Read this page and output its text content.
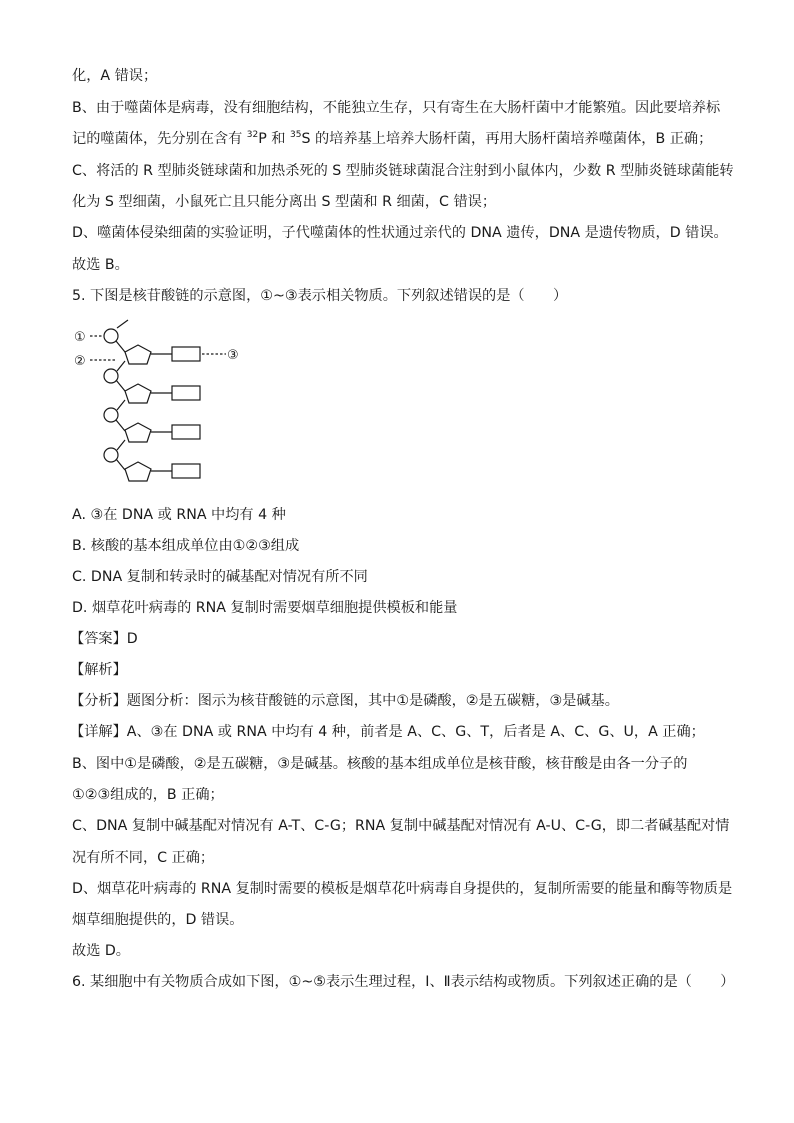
化，A 错误；
B、由于噬菌体是病毒，没有细胞结构，不能独立生存，只有寄生在大肠杆菌中才能繁殖。因此要培养标
记的噬菌体，先分别在含有 $^{32}$P 和 $^{35}$S 的培养基上培养大肠杆菌，再用大肠杆菌培养噬菌体，B 正确；
C、将活的 R 型肺炎链球菌和加热杀死的 S 型肺炎链球菌混合注射到小鼠体内，少数 R 型肺炎链球菌能转
化为 S 型细菌，小鼠死亡且只能分离出 S 型菌和 R 细菌，C 错误；
D、噬菌体侵染细菌的实验证明，子代噬菌体的性状通过亲代的 DNA 遗传，DNA 是遗传物质，D 错误。
故选 B。
5. 下图是核苷酸链的示意图，①~③表示相关物质。下列叙述错误的是（　　）
①
②	③
A. ③在 DNA 或 RNA 中均有 4 种
B. 核酸的基本组成单位由①②③组成
C. DNA 复制和转录时的碱基配对情况有所不同
D. 烟草花叶病毒的 RNA 复制时需要烟草细胞提供模板和能量
【答案】D
【解析】
【分析】题图分析：图示为核苷酸链的示意图，其中①是磷酸，②是五碳糖，③是碱基。
【详解】A、③在 DNA 或 RNA 中均有 4 种，前者是 A、C、G、T，后者是 A、C、G、U，A 正确；
B、图中①是磷酸，②是五碳糖，③是碱基。核酸的基本组成单位是核苷酸，核苷酸是由各一分子的
①②③组成的，B 正确；
C、DNA 复制中碱基配对情况有 A-T、C-G；RNA 复制中碱基配对情况有 A-U、C-G，即二者碱基配对情
况有所不同，C 正确；
D、烟草花叶病毒的 RNA 复制时需要的模板是烟草花叶病毒自身提供的，复制所需要的能量和酶等物质是
烟草细胞提供的，D 错误。
故选 D。
6. 某细胞中有关物质合成如下图，①~⑤表示生理过程，Ⅰ、Ⅱ表示结构或物质。下列叙述正确的是（　　）
